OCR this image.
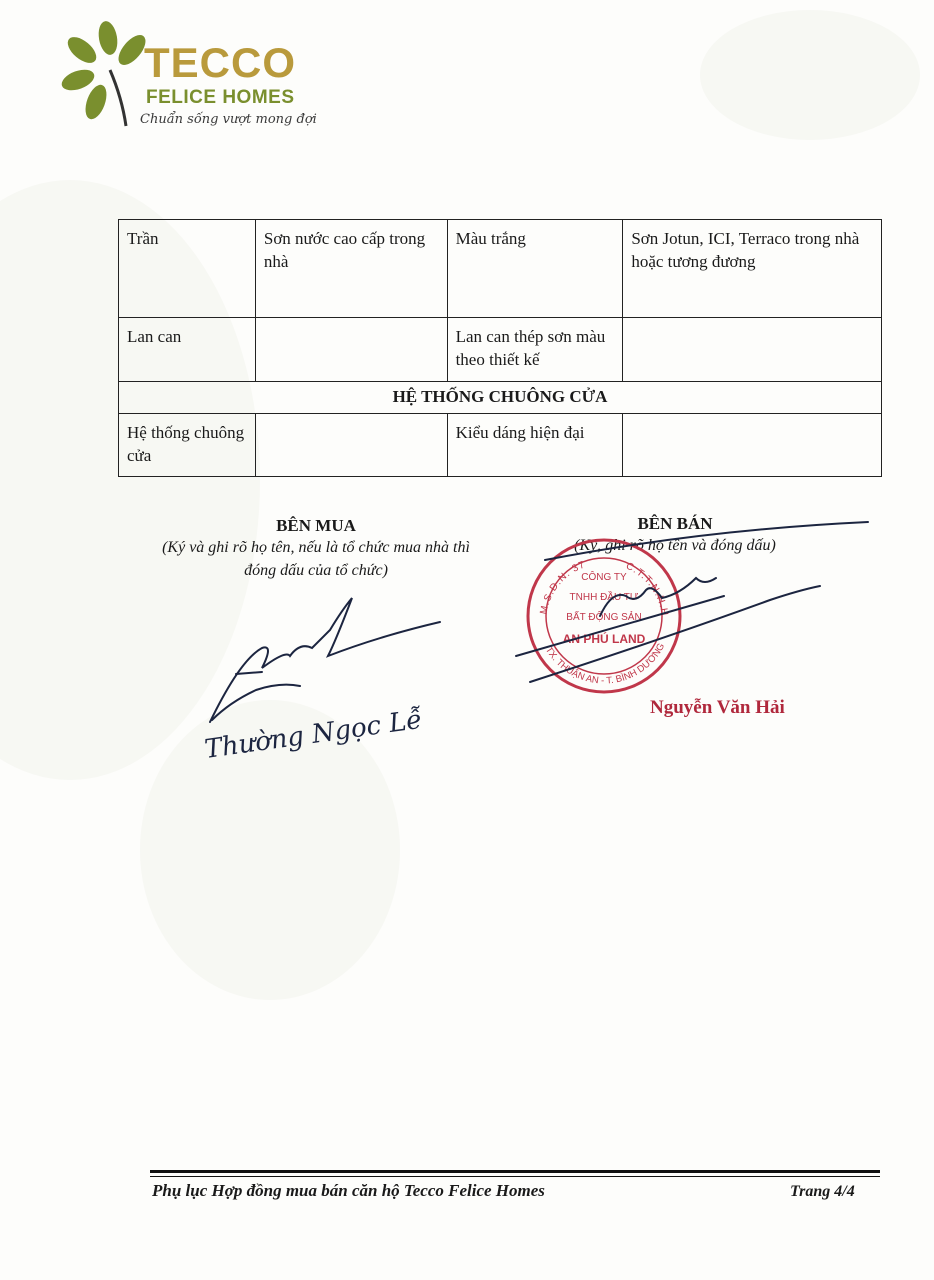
TECCO
FELICE HOMES
Chuẩn sống vượt mong đợi
Trần	Sơn nước cao cấp trong nhà	Màu trắng	Sơn Jotun, ICI, Terraco trong nhà hoặc tương đương
Lan can		Lan can thép sơn màu theo thiết kế	
HỆ THỐNG CHUÔNG CỬA			
Hệ thống chuông cửa		Kiểu dáng hiện đại	
BÊN MUA
(Ký và ghi rõ họ tên, nếu là tổ chức mua nhà thì đóng dấu của tổ chức)
BÊN BÁN
(Ký, ghi rõ họ tên và đóng dấu)
M.S.D.N: 37	C.T.T.N.H.H
TX. THUẬN AN - T. BÌNH DƯƠNG
CÔNG TY
TNHH ĐẦU TƯ
BẤT ĐỘNG SẢN
AN PHÚ LAND
Nguyễn Văn Hải
Thường Ngọc Lễ
Phụ lục Hợp đồng mua bán căn hộ Tecco Felice Homes	Trang 4/4
